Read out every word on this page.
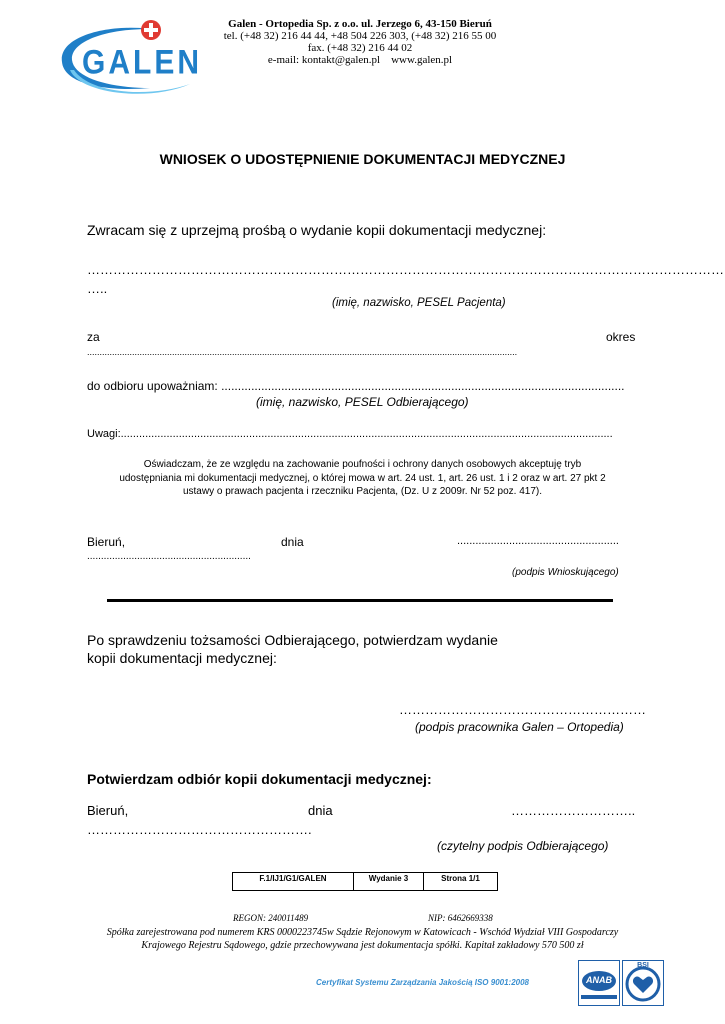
GALEN
Galen - Ortopedia Sp. z o.o. ul. Jerzego 6, 43-150 Bieruń
tel. (+48 32) 216 44 44, +48 504 226 303, (+48 32) 216 55 00
fax. (+48 32) 216 44 02
e-mail: kontakt@galen.pl    www.galen.pl
WNIOSEK O UDOSTĘPNIENIE DOKUMENTACJI MEDYCZNEJ
Zwracam się z uprzejmą prośbą o wydanie kopii dokumentacji medycznej:
…………………………………………………………………………………………………………………………………
…..
(imię, nazwisko, PESEL Pacjenta)
za	okres
............................................................................................................................................................................
do odbioru upoważniam: .........................................................................................................................
(imię, nazwisko, PESEL Odbierającego)
Uwagi:.................................................................................................................................................................
Oświadczam, że ze względu na zachowanie poufności i ochrony danych osobowych akceptuję tryb
udostępniania mi dokumentacji medycznej, o której mowa w art. 24 ust. 1, art. 26 ust. 1 i 2 oraz w art. 27 pkt 2
ustawy o prawach pacjenta i rzeczniku Pacjenta, (Dz. U z 2009r. Nr 52 poz. 417).
Bieruń,	dnia	.....................................................
...........................................................
(podpis Wnioskującego)
Po sprawdzeniu tożsamości Odbierającego, potwierdzam wydanie
kopii dokumentacji medycznej:
…………………………………………………
(podpis pracownika Galen – Ortopedia)
Potwierdzam odbiór kopii dokumentacji medycznej:
Bieruń,	dnia	………………………..
…………………………………………….
(czytelny podpis Odbierającego)
F.1/IJ1/G1/GALEN	Wydanie 3	Strona 1/1
REGON: 240011489	NIP: 6462669338
Spółka zarejestrowana pod numerem KRS 0000223745w Sądzie Rejonowym w Katowicach - Wschód Wydział VIII Gospodarczy
Krajowego Rejestru Sądowego, gdzie przechowywana jest dokumentacja spółki. Kapitał zakładowy 570 500 zł
Certyfikat Systemu Zarządzania Jakością ISO 9001:2008	ANAB
BSI
